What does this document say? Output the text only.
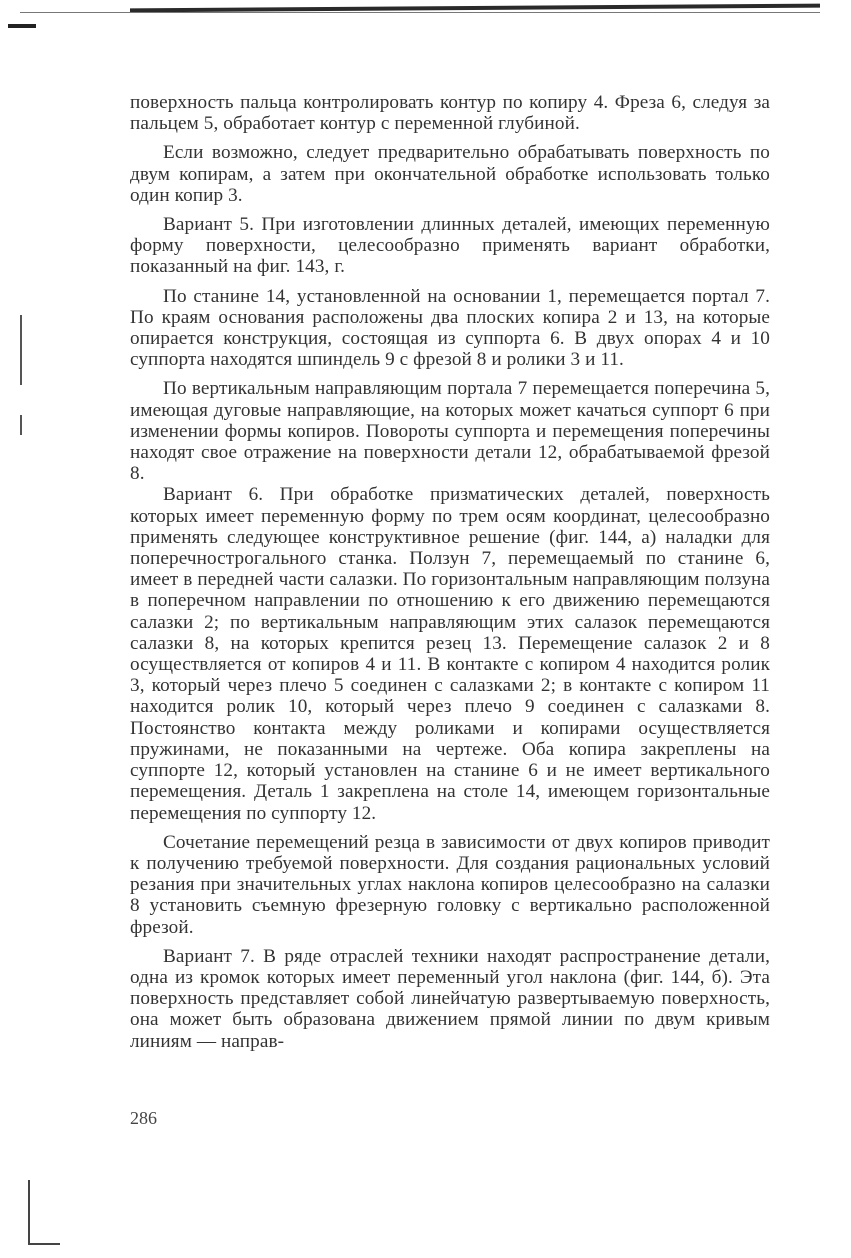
поверхность пальца контролировать контур по копиру 4. Фреза 6, следуя за пальцем 5, обработает контур с переменной глубиной.

Если возможно, следует предварительно обрабатывать поверхность по двум копирам, а затем при окончательной обработке использовать только один копир 3.

Вариант 5. При изготовлении длинных деталей, имеющих переменную форму поверхности, целесообразно применять вариант обработки, показанный на фиг. 143, г.

По станине 14, установленной на основании 1, перемещается портал 7. По краям основания расположены два плоских копира 2 и 13, на которые опирается конструкция, состоящая из суппорта 6. В двух опорах 4 и 10 суппорта находятся шпиндель 9 с фрезой 8 и ролики 3 и 11.

По вертикальным направляющим портала 7 перемещается поперечина 5, имеющая дуговые направляющие, на которых может качаться суппорт 6 при изменении формы копиров. Повороты суппорта и перемещения поперечины находят свое отражение на поверхности детали 12, обрабатываемой фрезой 8.

Вариант 6. При обработке призматических деталей, поверхность которых имеет переменную форму по трем осям координат, целесообразно применять следующее конструктивное решение (фиг. 144, а) наладки для поперечнострогального станка. Ползун 7, перемещаемый по станине 6, имеет в передней части салазки. По горизонтальным направляющим ползуна в поперечном направлении по отношению к его движению перемещаются салазки 2; по вертикальным направляющим этих салазок перемещаются салазки 8, на которых крепится резец 13. Перемещение салазок 2 и 8 осуществляется от копиров 4 и 11. В контакте с копиром 4 находится ролик 3, который через плечо 5 соединен с салазками 2; в контакте с копиром 11 находится ролик 10, который через плечо 9 соединен с салазками 8. Постоянство контакта между роликами и копирами осуществляется пружинами, не показанными на чертеже. Оба копира закреплены на суппорте 12, который установлен на станине 6 и не имеет вертикального перемещения. Деталь 1 закреплена на столе 14, имеющем горизонтальные перемещения по суппорту 12.

Сочетание перемещений резца в зависимости от двух копиров приводит к получению требуемой поверхности. Для создания рациональных условий резания при значительных углах наклона копиров целесообразно на салазки 8 установить съемную фрезерную головку с вертикально расположенной фрезой.

Вариант 7. В ряде отраслей техники находят распространение детали, одна из кромок которых имеет переменный угол наклона (фиг. 144, б). Эта поверхность представляет собой линейчатую развертываемую поверхность, она может быть образована движением прямой линии по двум кривым линиям — направ-

286
